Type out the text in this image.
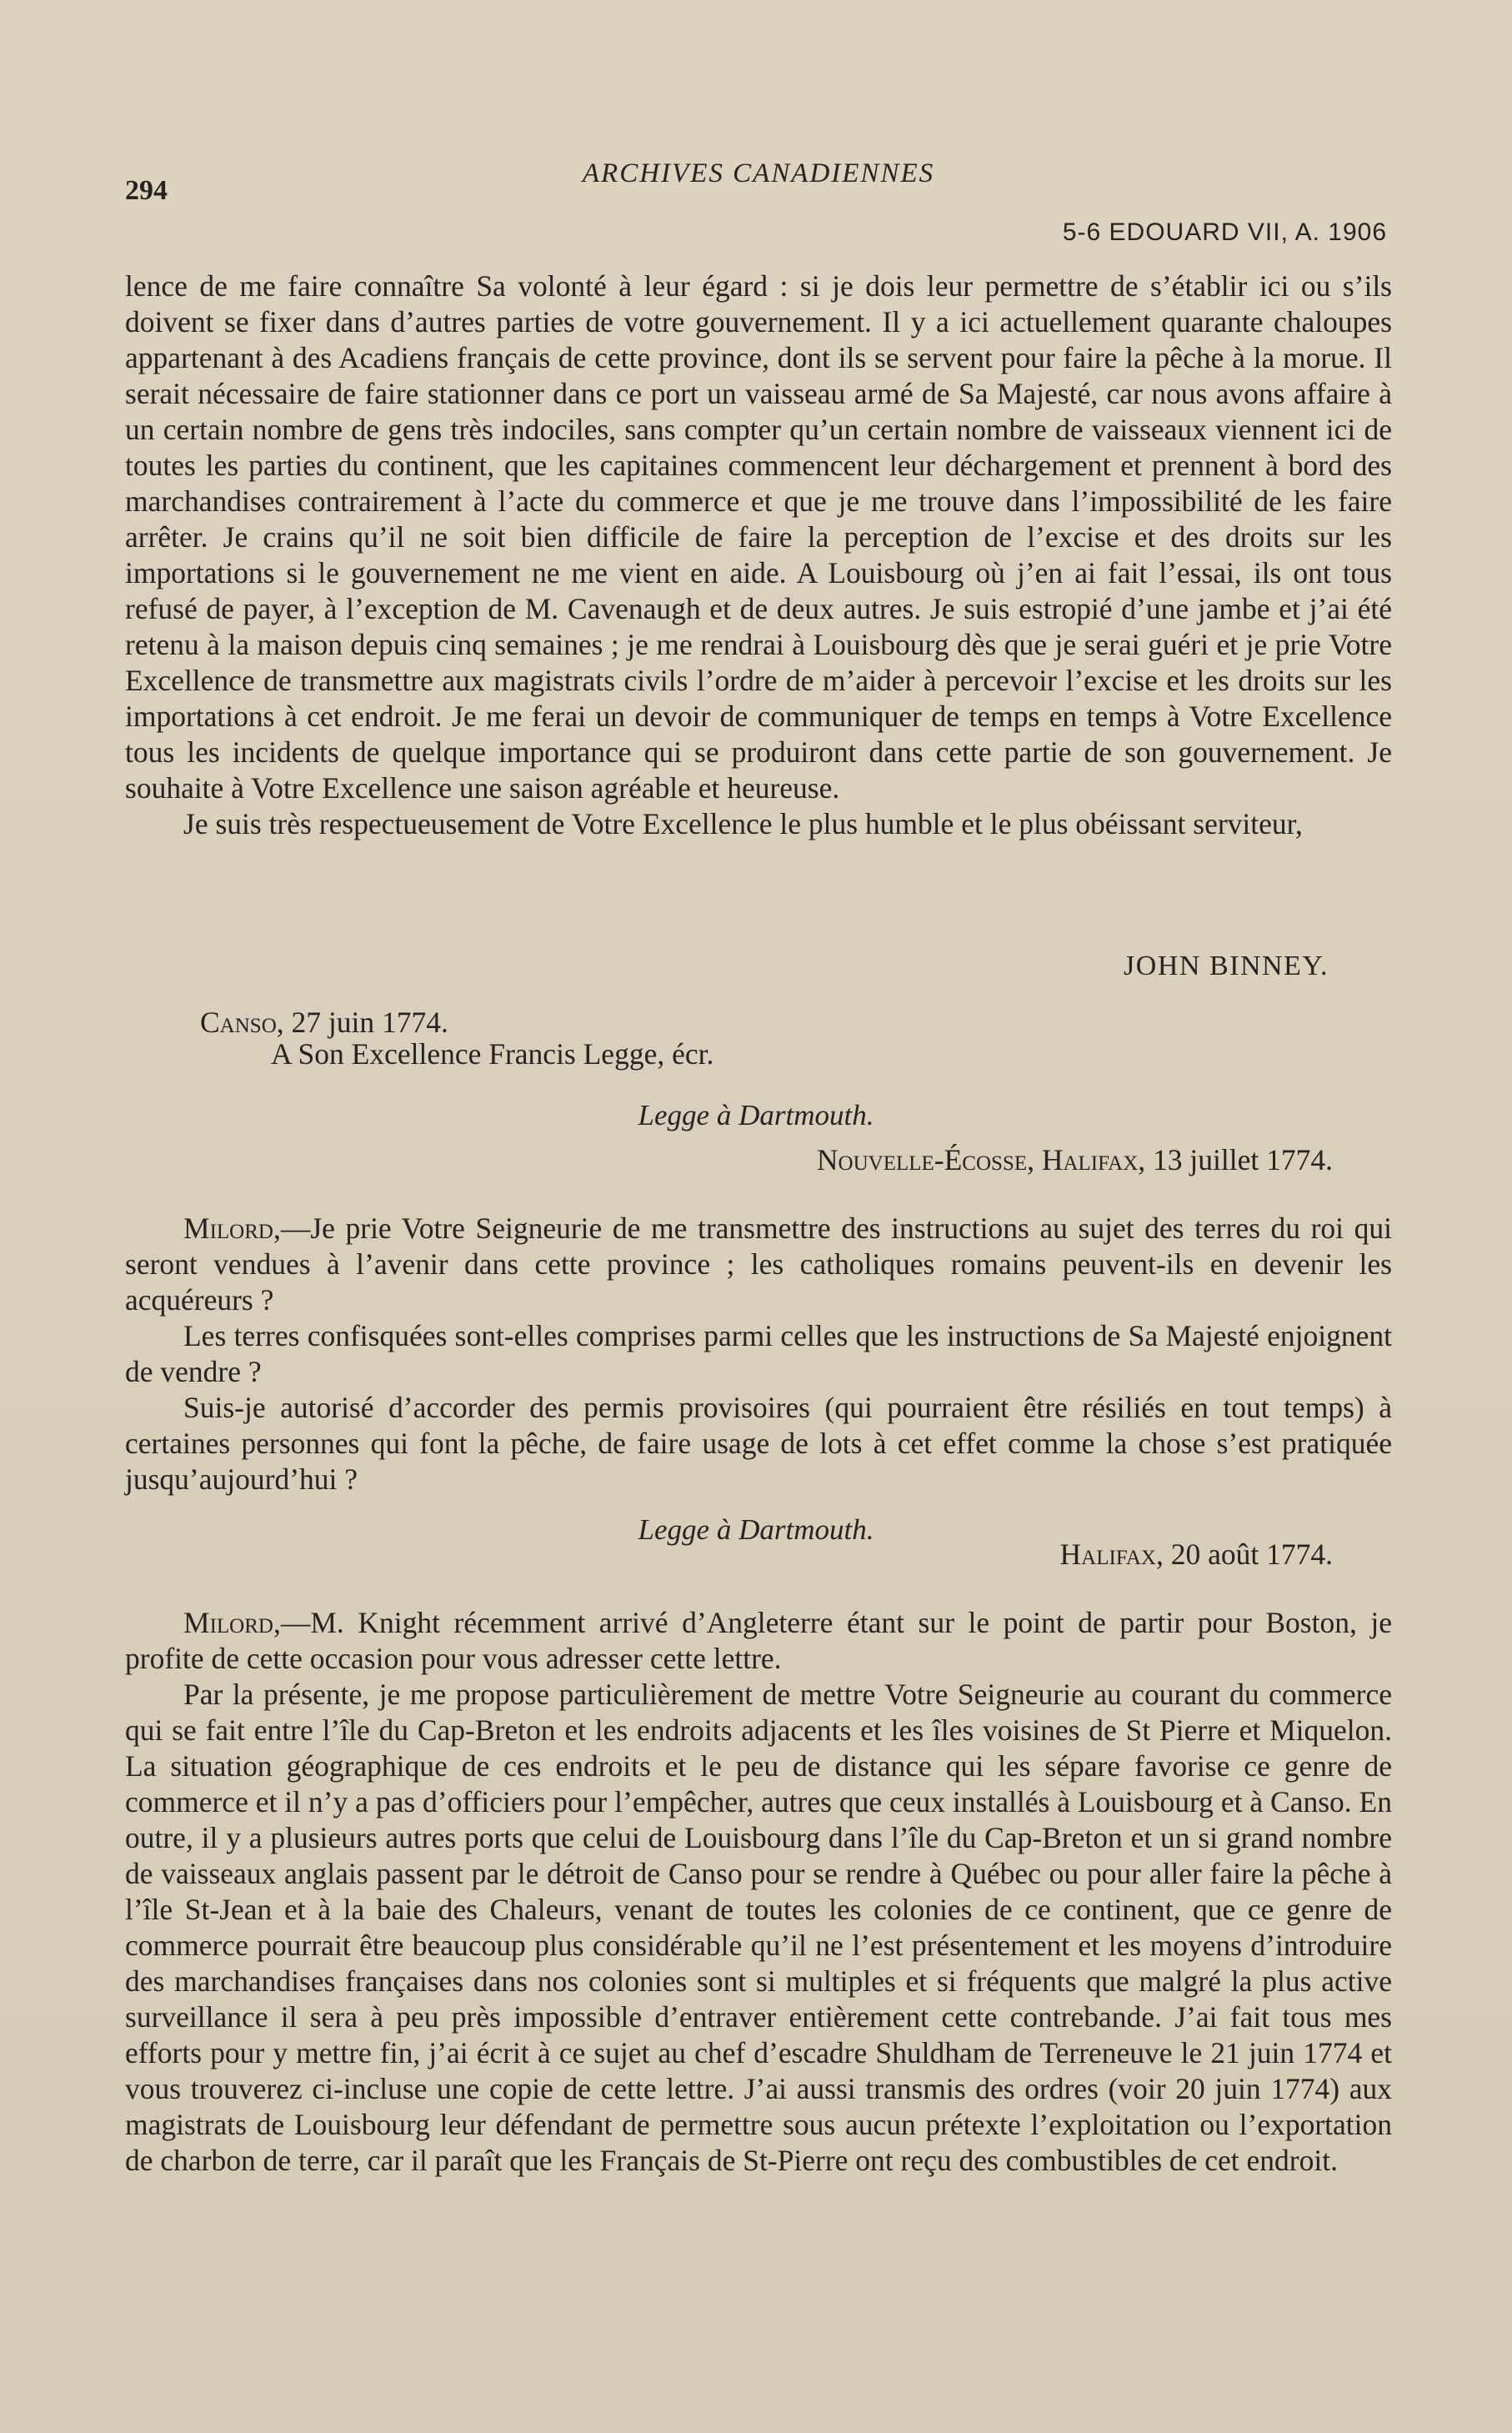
294
ARCHIVES CANADIENNES
5-6 EDOUARD VII, A. 1906

lence de me faire connaître Sa volonté à leur égard : si je dois leur permettre de s’établir ici ou s’ils doivent se fixer dans d’autres parties de votre gouvernement. Il y a ici actuellement quarante chaloupes appartenant à des Acadiens français de cette province, dont ils se servent pour faire la pêche à la morue. Il serait nécessaire de faire stationner dans ce port un vaisseau armé de Sa Majesté, car nous avons affaire à un certain nombre de gens très indociles, sans compter qu’un certain nombre de vaisseaux viennent ici de toutes les parties du continent, que les capitaines commencent leur déchargement et prennent à bord des marchandises contrairement à l’acte du commerce et que je me trouve dans l’impossibilité de les faire arrêter. Je crains qu’il ne soit bien difficile de faire la perception de l’excise et des droits sur les importations si le gouvernement ne me vient en aide. A Louisbourg où j’en ai fait l’essai, ils ont tous refusé de payer, à l’exception de M. Cavenaugh et de deux autres. Je suis estropié d’une jambe et j’ai été retenu à la maison depuis cinq semaines ; je me rendrai à Louisbourg dès que je serai guéri et je prie Votre Excellence de transmettre aux magistrats civils l’ordre de m’aider à percevoir l’excise et les droits sur les importations à cet endroit. Je me ferai un devoir de communiquer de temps en temps à Votre Excellence tous les incidents de quelque importance qui se produiront dans cette partie de son gouvernement. Je souhaite à Votre Excellence une saison agréable et heureuse.

Je suis très respectueusement de Votre Excellence le plus humble et le plus obéissant serviteur,

JOHN BINNEY.
Canso, 27 juin 1774.
A Son Excellence Francis Legge, écr.
Legge à Dartmouth.
Nouvelle-Écosse, Halifax, 13 juillet 1774.

Milord,—Je prie Votre Seigneurie de me transmettre des instructions au sujet des terres du roi qui seront vendues à l’avenir dans cette province ; les catholiques romains peuvent-ils en devenir les acquéreurs ?

Les terres confisquées sont-elles comprises parmi celles que les instructions de Sa Majesté enjoignent de vendre ?

Suis-je autorisé d’accorder des permis provisoires (qui pourraient être résiliés en tout temps) à certaines personnes qui font la pêche, de faire usage de lots à cet effet comme la chose s’est pratiquée jusqu’aujourd’hui ?

Legge à Dartmouth.
Halifax, 20 août 1774.

Milord,—M. Knight récemment arrivé d’Angleterre étant sur le point de partir pour Boston, je profite de cette occasion pour vous adresser cette lettre.

Par la présente, je me propose particulièrement de mettre Votre Seigneurie au courant du commerce qui se fait entre l’île du Cap-Breton et les endroits adjacents et les îles voisines de St Pierre et Miquelon. La situation géographique de ces endroits et le peu de distance qui les sépare favorise ce genre de commerce et il n’y a pas d’officiers pour l’empêcher, autres que ceux installés à Louisbourg et à Canso. En outre, il y a plusieurs autres ports que celui de Louisbourg dans l’île du Cap-Breton et un si grand nombre de vaisseaux anglais passent par le détroit de Canso pour se rendre à Québec ou pour aller faire la pêche à l’île St-Jean et à la baie des Chaleurs, venant de toutes les colonies de ce continent, que ce genre de commerce pourrait être beaucoup plus considérable qu’il ne l’est présentement et les moyens d’introduire des marchandises françaises dans nos colonies sont si multiples et si fréquents que malgré la plus active surveillance il sera à peu près impossible d’entraver entièrement cette contrebande. J’ai fait tous mes efforts pour y mettre fin, j’ai écrit à ce sujet au chef d’escadre Shuldham de Terreneuve le 21 juin 1774 et vous trouverez ci-incluse une copie de cette lettre. J’ai aussi transmis des ordres (voir 20 juin 1774) aux magistrats de Louisbourg leur défendant de permettre sous aucun prétexte l’exploitation ou l’exportation de charbon de terre, car il paraît que les Français de St-Pierre ont reçu des combustibles de cet endroit.
